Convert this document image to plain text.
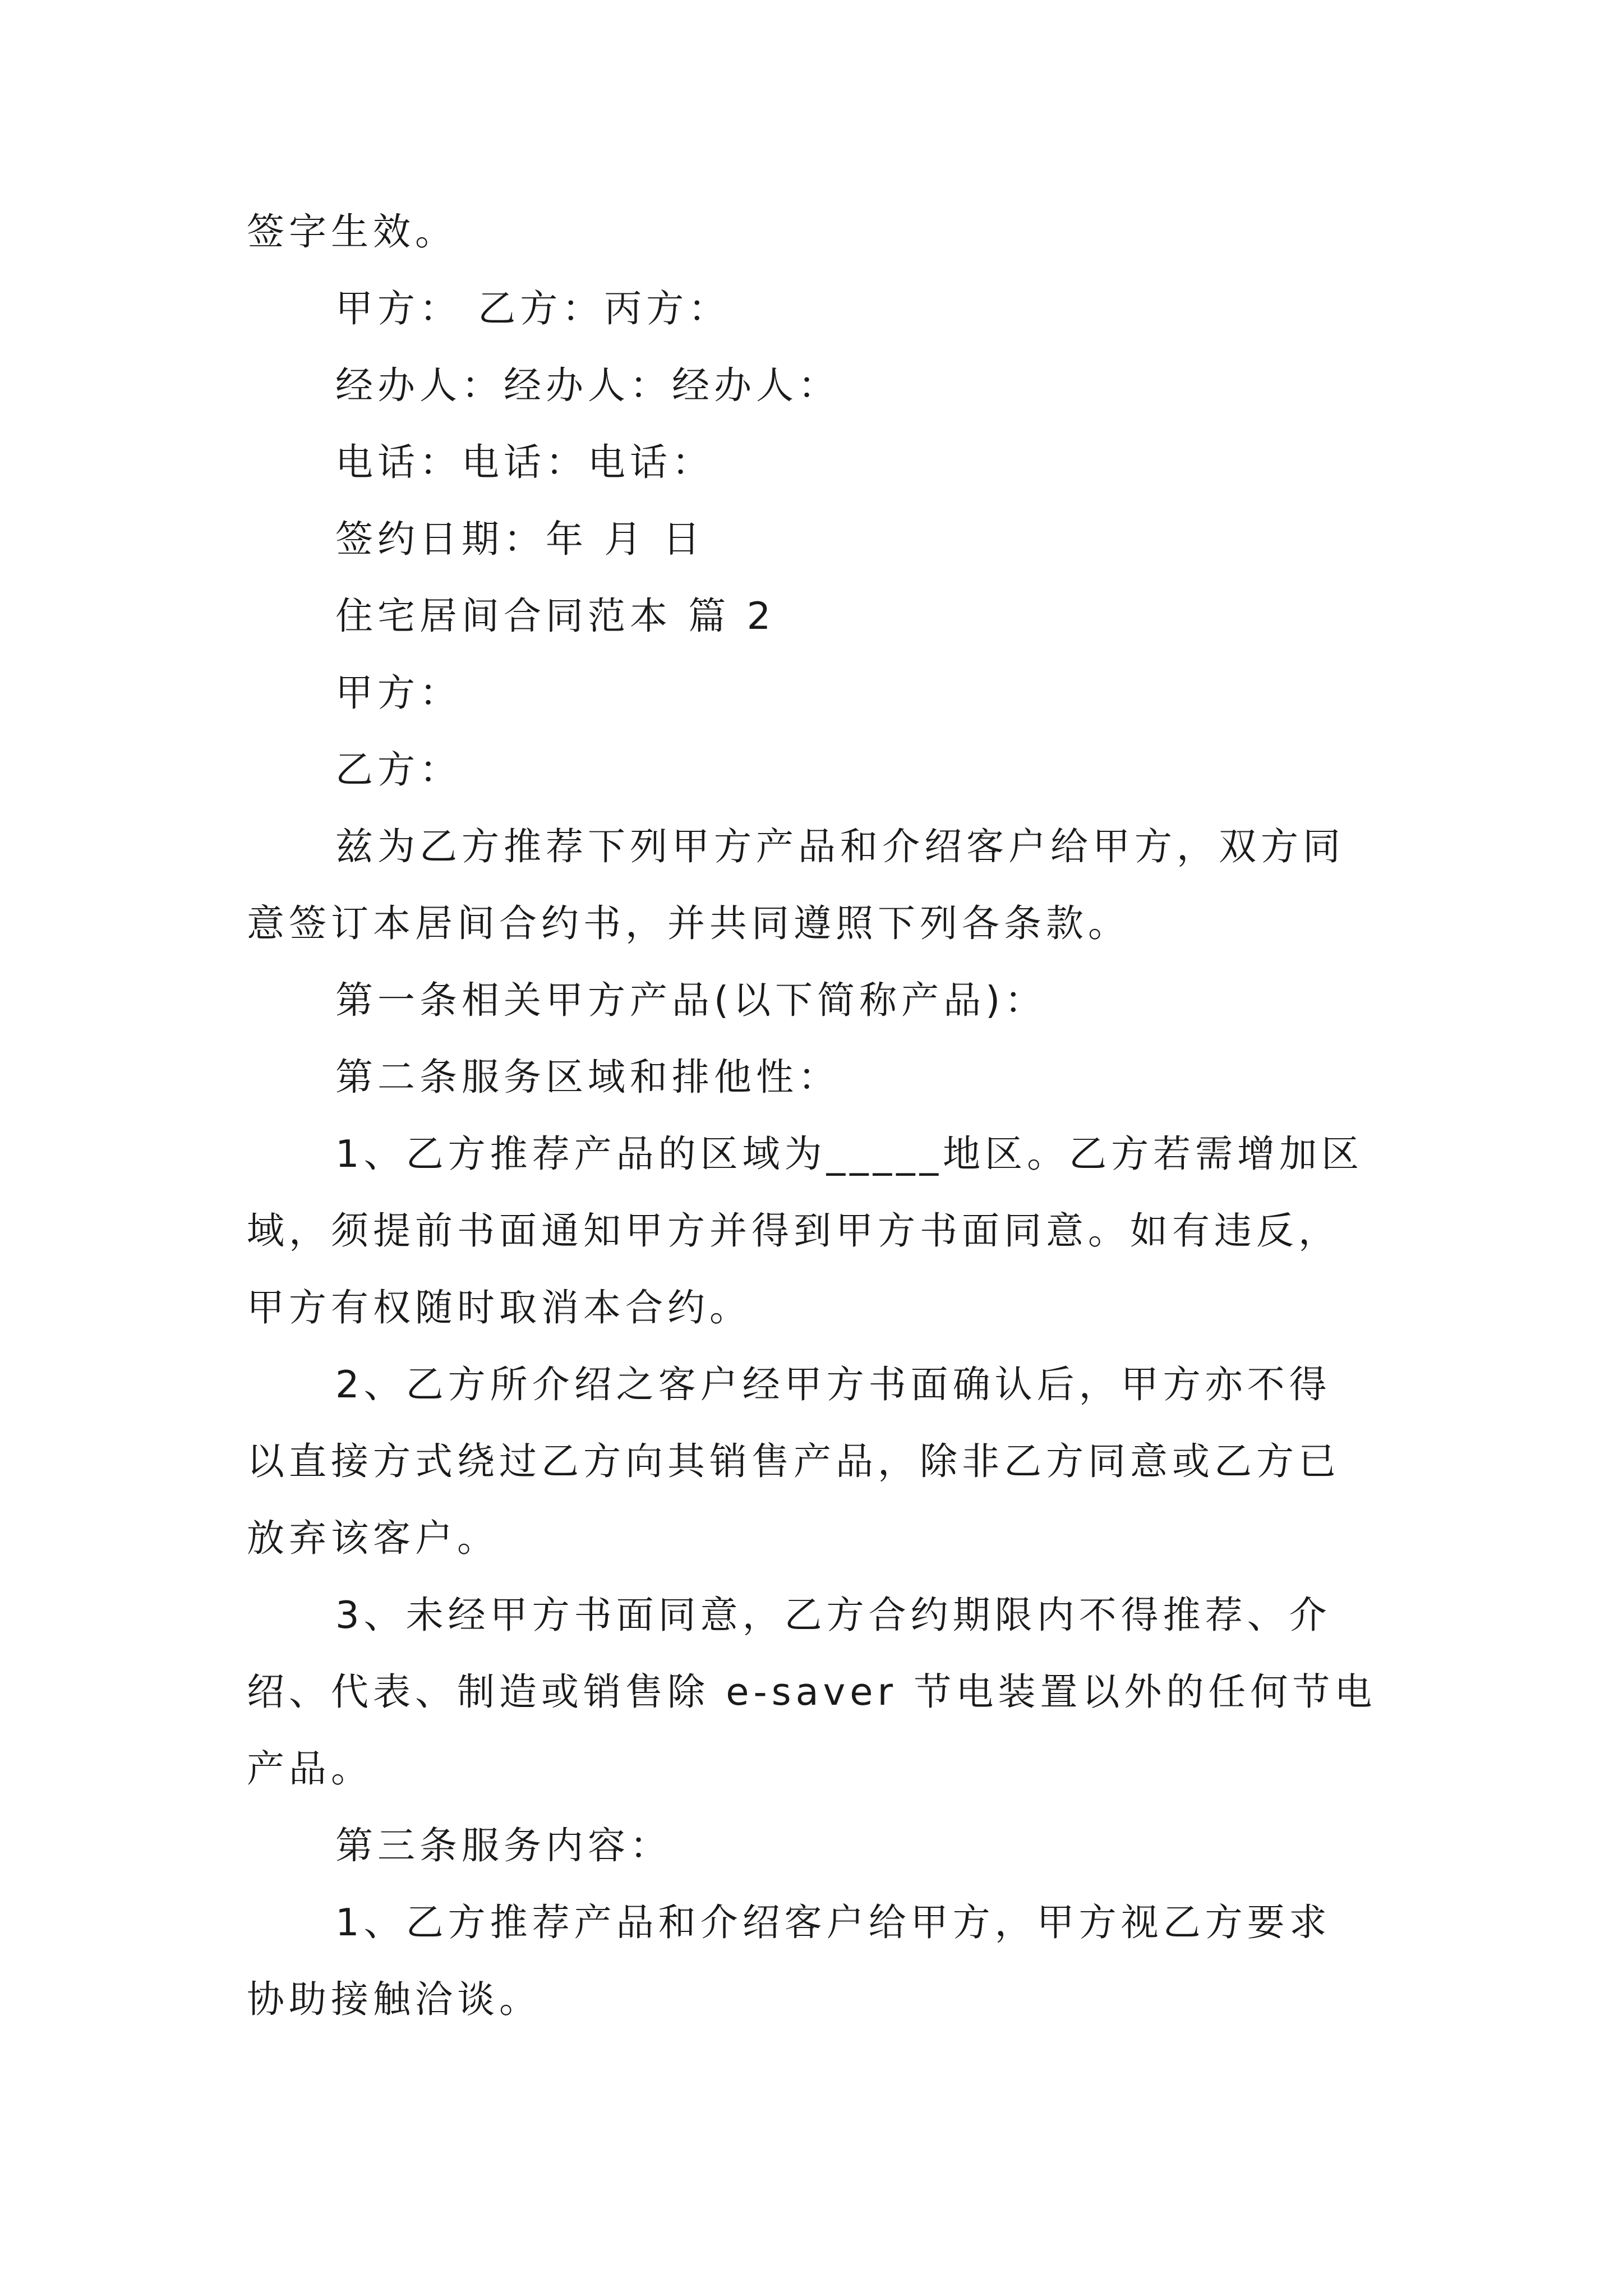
签字生效。

甲方： 乙方：丙方：

经办人：经办人：经办人：

电话：电话：电话：

签约日期：年 月 日

住宅居间合同范本 篇 2

甲方：

乙方：

兹为乙方推荐下列甲方产品和介绍客户给甲方，双方同

意签订本居间合约书，并共同遵照下列各条款。

第一条相关甲方产品(以下简称产品)：

第二条服务区域和排他性：

1、乙方推荐产品的区域为_____地区。乙方若需增加区

域，须提前书面通知甲方并得到甲方书面同意。如有违反，

甲方有权随时取消本合约。

2、乙方所介绍之客户经甲方书面确认后，甲方亦不得

以直接方式绕过乙方向其销售产品，除非乙方同意或乙方已

放弃该客户。

3、未经甲方书面同意，乙方合约期限内不得推荐、介

绍、代表、制造或销售除 e-saver 节电装置以外的任何节电

产品。

第三条服务内容：

1、乙方推荐产品和介绍客户给甲方，甲方视乙方要求

协助接触洽谈。
